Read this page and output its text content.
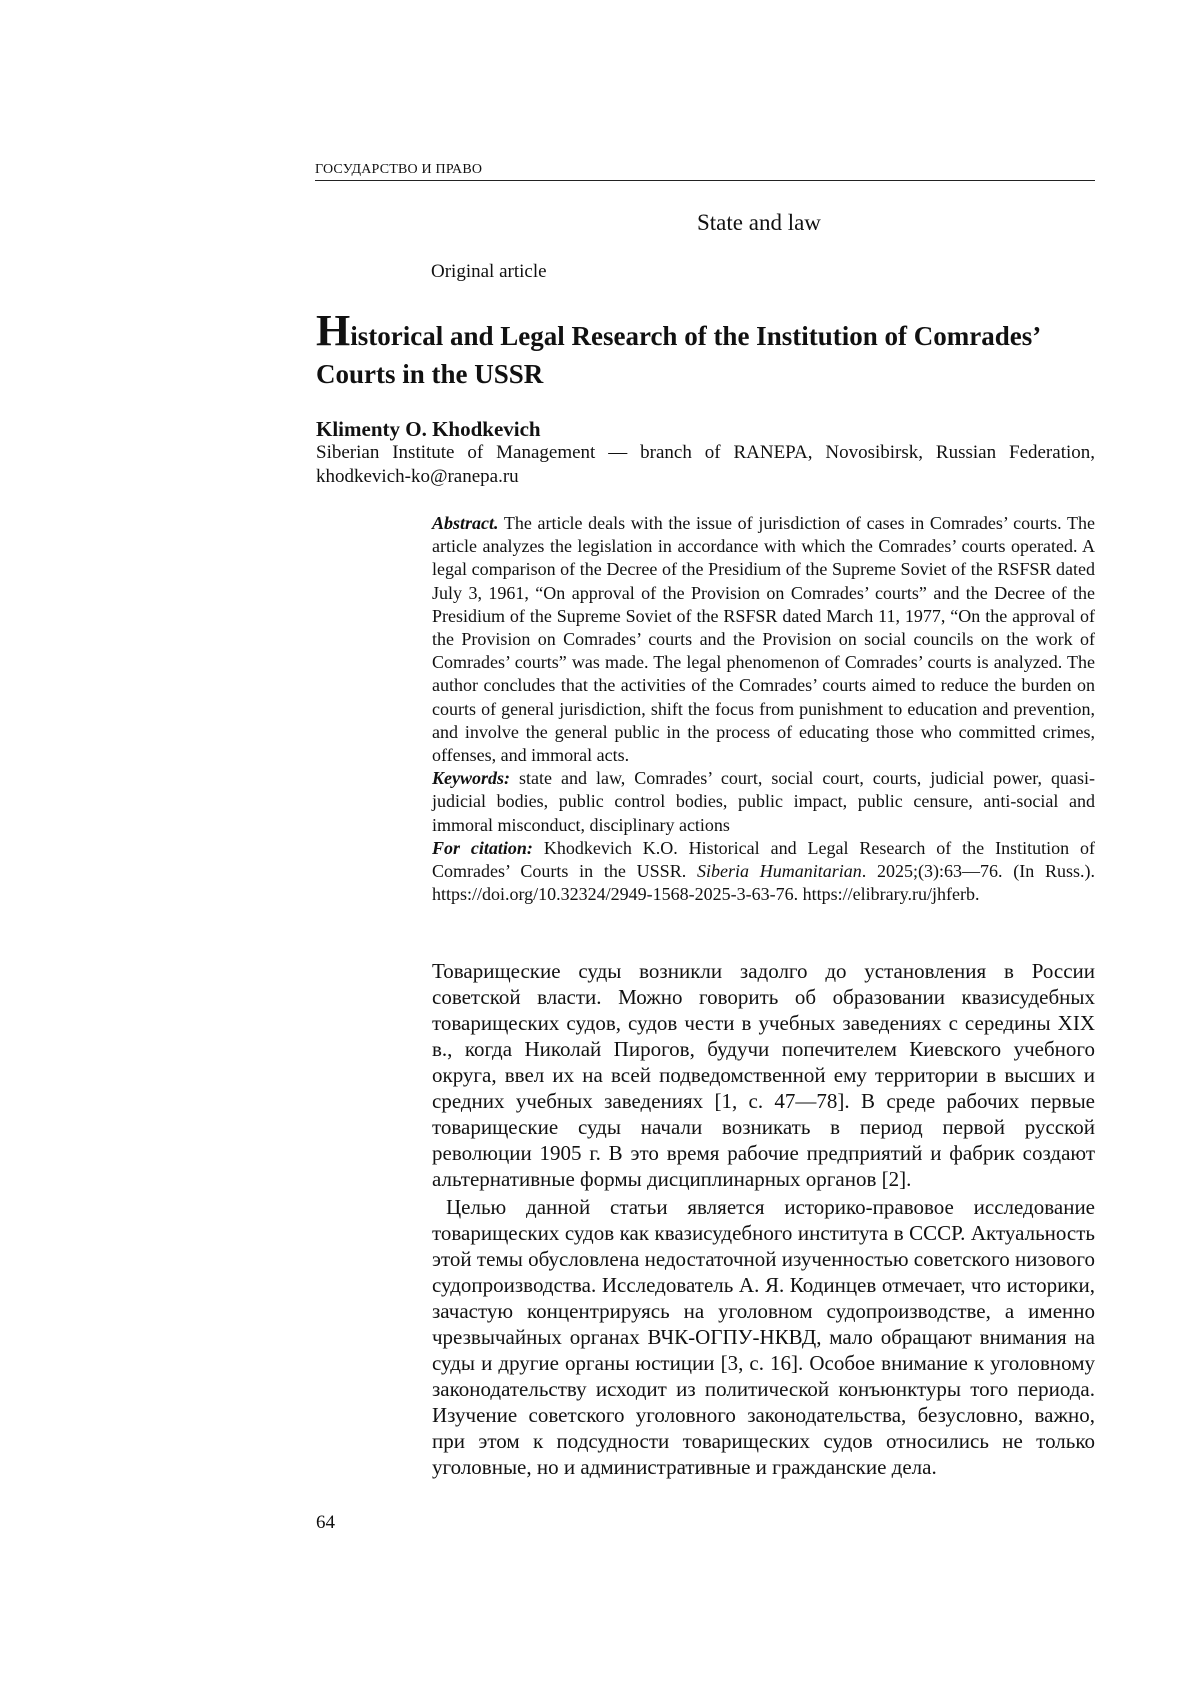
ГОСУДАРСТВО И ПРАВО
State and law
Original article
Historical and Legal Research of the Institution of Comrades’ Courts in the USSR
Klimenty O. Khodkevich
Siberian Institute of Management — branch of RANEPA, Novosibirsk, Russian Federation, khodkevich-ko@ranepa.ru

Abstract. The article deals with the issue of jurisdiction of cases in Comrades’ courts. The article analyzes the legislation in accordance with which the Comrades’ courts operated. A legal comparison of the Decree of the Presidium of the Supreme Soviet of the RSFSR dated July 3, 1961, “On approval of the Provision on Comrades’ courts” and the Decree of the Presidium of the Supreme Soviet of the RSFSR dated March 11, 1977, “On the approval of the Provision on Comrades’ courts and the Provision on social councils on the work of Comrades’ courts” was made. The legal phenomenon of Comrades’ courts is analyzed. The author concludes that the activities of the Comrades’ courts aimed to reduce the burden on courts of general jurisdiction, shift the focus from punishment to education and prevention, and involve the general public in the process of educating those who committed crimes, offenses, and immoral acts.

Keywords: state and law, Comrades’ court, social court, courts, judicial power, quasi-judicial bodies, public control bodies, public impact, public censure, anti-social and immoral misconduct, disciplinary actions

For citation: Khodkevich K.O. Historical and Legal Research of the Institution of Comrades’ Courts in the USSR. Siberia Humanitarian. 2025;(3):63—76. (In Russ.). https://doi.org/10.32324/2949-1568-2025-3-63-76. https://elibrary.ru/jhferb.

Товарищеские суды возникли задолго до установления в России советской власти. Можно говорить об образовании квазисудебных товарищеских судов, судов чести в учебных заведениях с середины XIX в., когда Николай Пирогов, будучи попечителем Киевского учебного округа, ввел их на всей подведомственной ему территории в высших и средних учебных заведениях [1, с. 47—78]. В среде рабочих первые товарищеские суды начали возникать в период первой русской революции 1905 г. В это время рабочие предприятий и фабрик создают альтернативные формы дисциплинарных органов [2].

Целью данной статьи является историко-правовое исследование товарищеских судов как квазисудебного института в СССР. Актуальность этой темы обусловлена недостаточной изученностью советского низового судопроизводства. Исследователь А. Я. Кодинцев отмечает, что историки, зачастую концентрируясь на уголовном судопроизводстве, а именно чрезвычайных органах ВЧК-ОГПУ-НКВД, мало обращают внимания на суды и другие органы юстиции [3, с. 16]. Особое внимание к уголовному законодательству исходит из политической конъюнктуры того периода. Изучение советского уголовного законодательства, безусловно, важно, при этом к подсудности товарищеских судов относились не только уголовные, но и административные и гражданские дела.

64
